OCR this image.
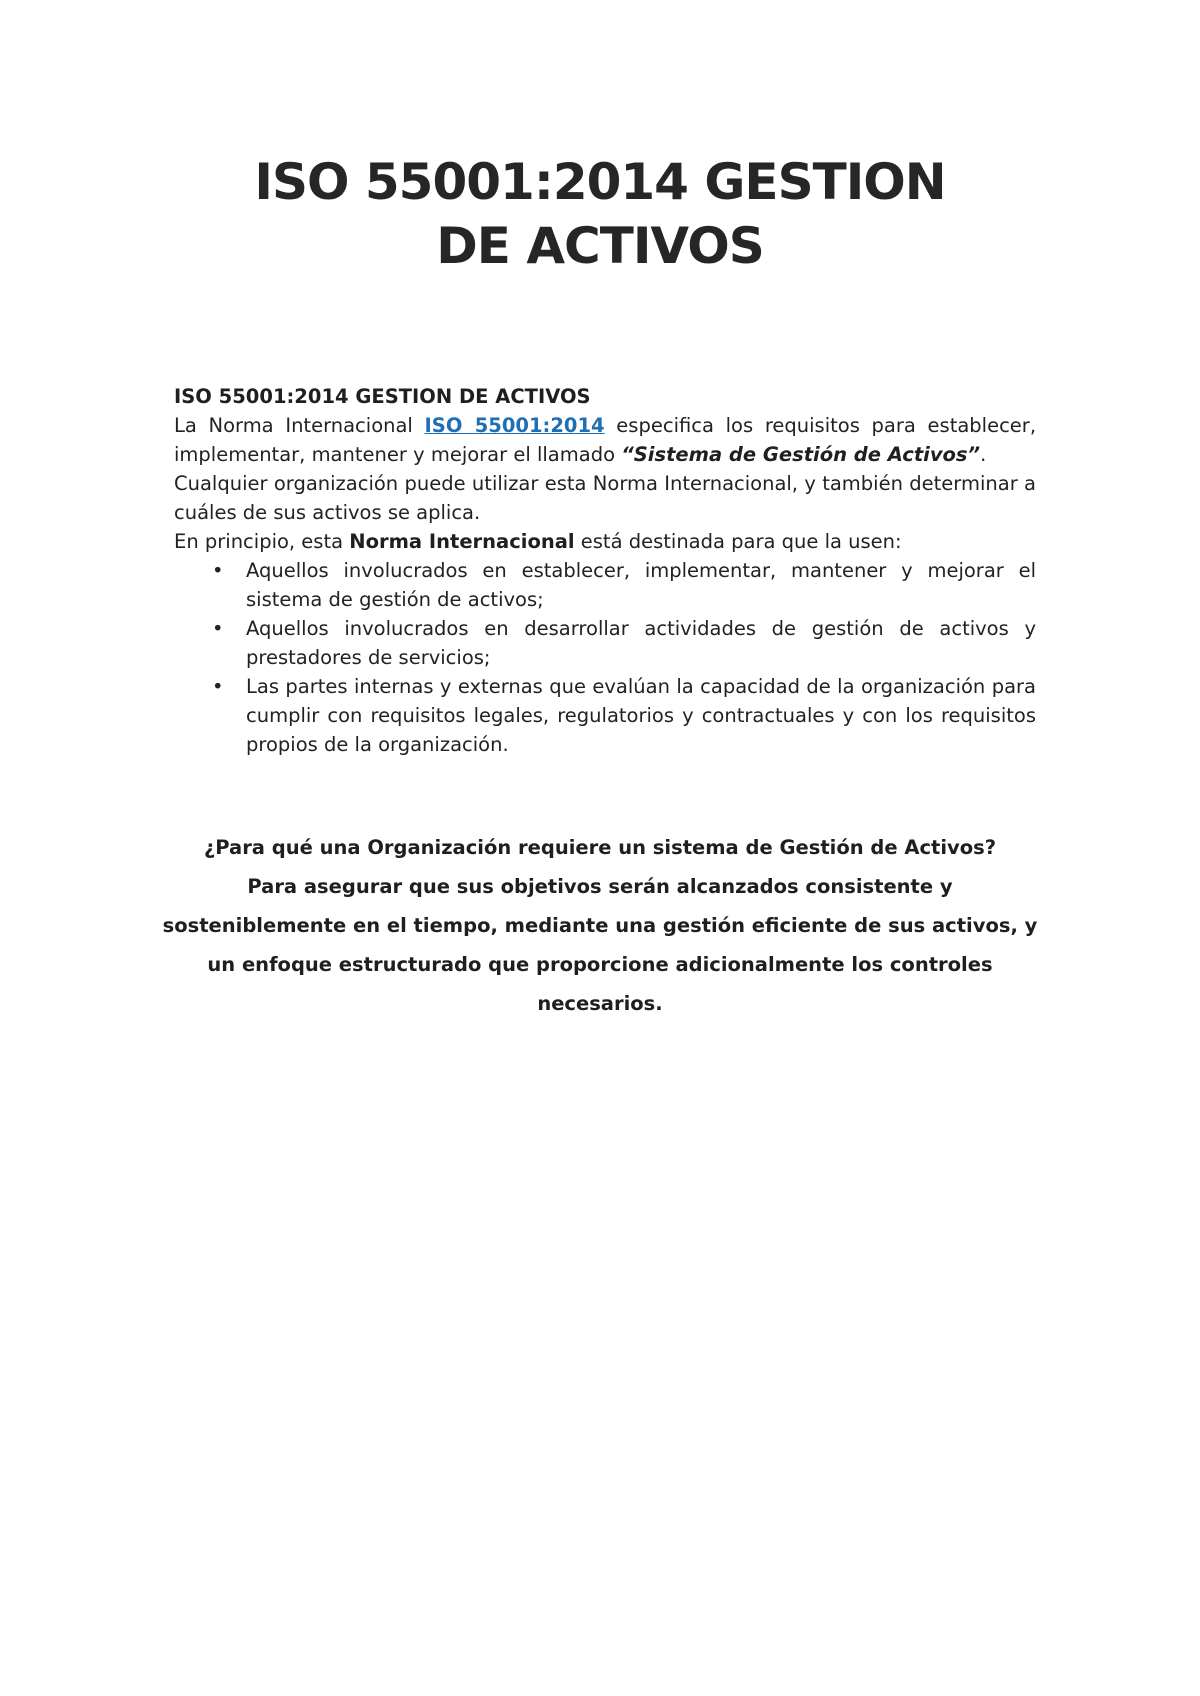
ISO 55001:2014 GESTION
DE ACTIVOS

ISO 55001:2014 GESTION DE ACTIVOS

La Norma Internacional ISO 55001:2014 especifica los requisitos para establecer, implementar, mantener y mejorar el llamado “Sistema de Gestión de Activos”.

Cualquier organización puede utilizar esta Norma Internacional, y también determinar a cuáles de sus activos se aplica.

En principio, esta Norma Internacional está destinada para que la usen:

• Aquellos involucrados en establecer, implementar, mantener y mejorar el sistema de gestión de activos;
• Aquellos involucrados en desarrollar actividades de gestión de activos y prestadores de servicios;
• Las partes internas y externas que evalúan la capacidad de la organización para cumplir con requisitos legales, regulatorios y contractuales y con los requisitos propios de la organización.

¿Para qué una Organización requiere un sistema de Gestión de Activos?

Para asegurar que sus objetivos serán alcanzados consistente y sosteniblemente en el tiempo, mediante una gestión eficiente de sus activos, y un enfoque estructurado que proporcione adicionalmente los controles necesarios.
